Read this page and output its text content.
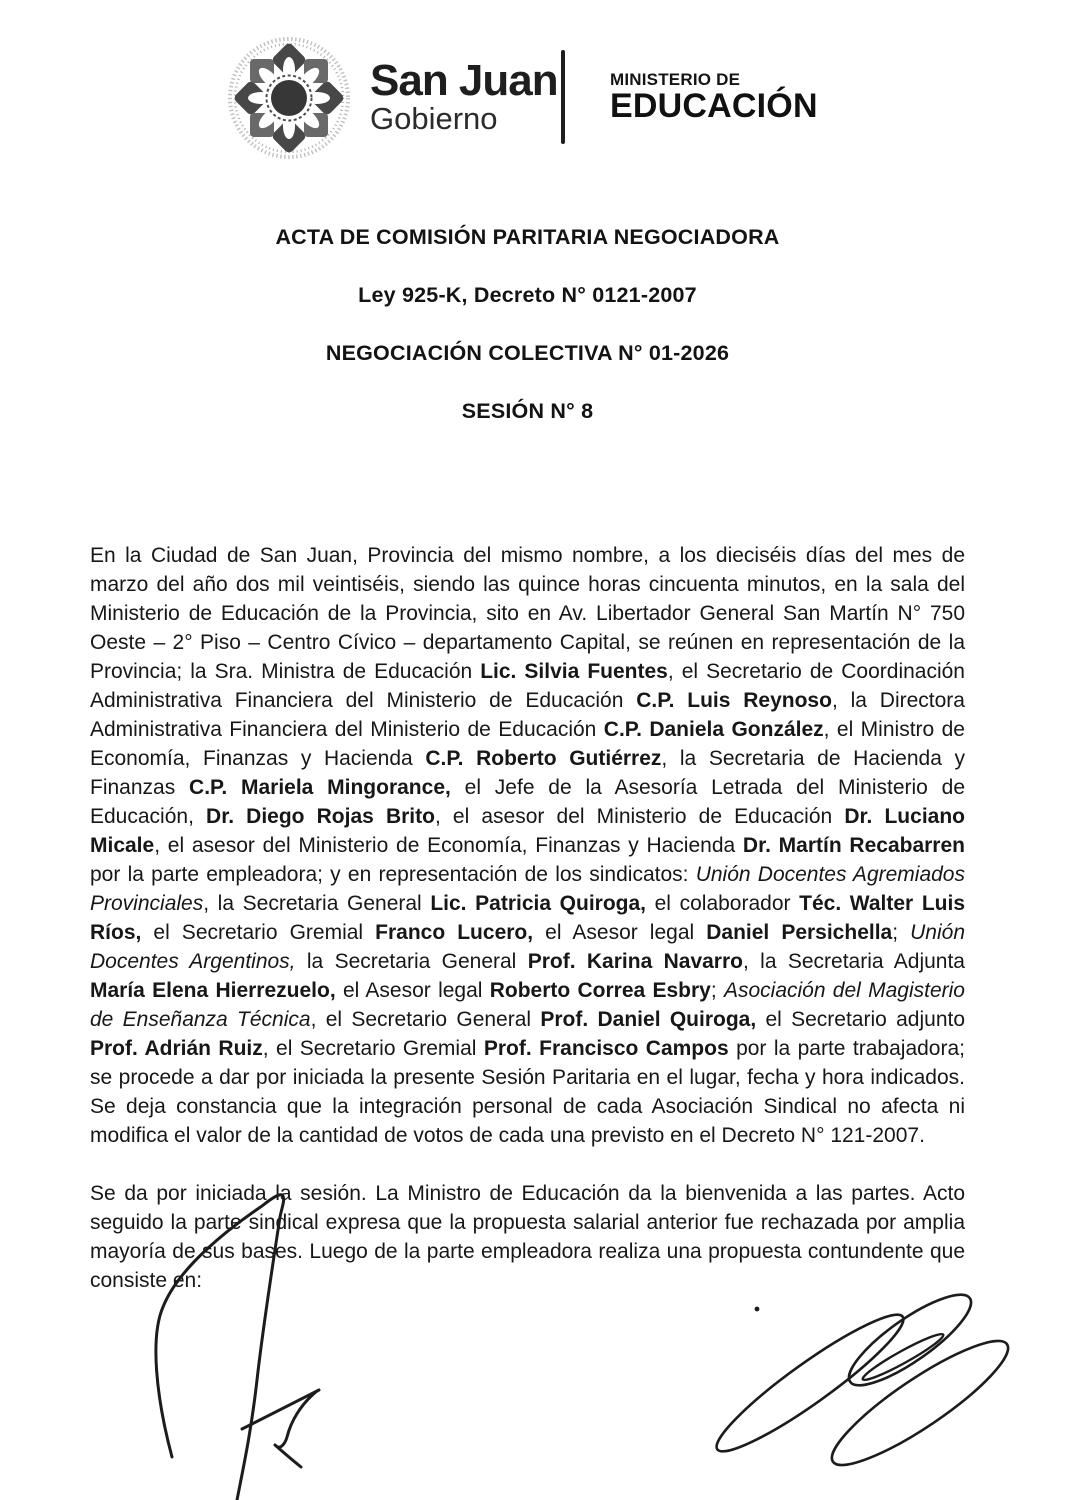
San Juan
Gobierno
MINISTERIO DE
EDUCACIÓN
ACTA DE COMISIÓN PARITARIA NEGOCIADORA
Ley 925-K, Decreto N° 0121-2007
NEGOCIACIÓN COLECTIVA N° 01-2026
SESIÓN N° 8

En la Ciudad de San Juan, Provincia del mismo nombre, a los dieciséis días del mes de marzo del año dos mil veintiséis, siendo las quince horas cincuenta minutos, en la sala del Ministerio de Educación de la Provincia, sito en Av. Libertador General San Martín N° 750 Oeste – 2° Piso – Centro Cívico – departamento Capital, se reúnen en representación de la Provincia; la Sra. Ministra de Educación Lic. Silvia Fuentes, el Secretario de Coordinación Administrativa Financiera del Ministerio de Educación C.P. Luis Reynoso, la Directora Administrativa Financiera del Ministerio de Educación C.P. Daniela González, el Ministro de Economía, Finanzas y Hacienda C.P. Roberto Gutiérrez, la Secretaria de Hacienda y Finanzas C.P. Mariela Mingorance, el Jefe de la Asesoría Letrada del Ministerio de Educación, Dr. Diego Rojas Brito, el asesor del Ministerio de Educación Dr. Luciano Micale, el asesor del Ministerio de Economía, Finanzas y Hacienda Dr. Martín Recabarren por la parte empleadora; y en representación de los sindicatos: Unión Docentes Agremiados Provinciales, la Secretaria General Lic. Patricia Quiroga, el colaborador Téc. Walter Luis Ríos, el Secretario Gremial Franco Lucero, el Asesor legal Daniel Persichella; Unión Docentes Argentinos, la Secretaria General Prof. Karina Navarro, la Secretaria Adjunta María Elena Hierrezuelo, el Asesor legal Roberto Correa Esbry; Asociación del Magisterio de Enseñanza Técnica, el Secretario General Prof. Daniel Quiroga, el Secretario adjunto Prof. Adrián Ruiz, el Secretario Gremial Prof. Francisco Campos por la parte trabajadora; se procede a dar por iniciada la presente Sesión Paritaria en el lugar, fecha y hora indicados. Se deja constancia que la integración personal de cada Asociación Sindical no afecta ni modifica el valor de la cantidad de votos de cada una previsto en el Decreto N° 121-2007.

Se da por iniciada la sesión. La Ministro de Educación da la bienvenida a las partes. Acto seguido la parte sindical expresa que la propuesta salarial anterior fue rechazada por amplia mayoría de sus bases. Luego de la parte empleadora realiza una propuesta contundente que consiste en:
